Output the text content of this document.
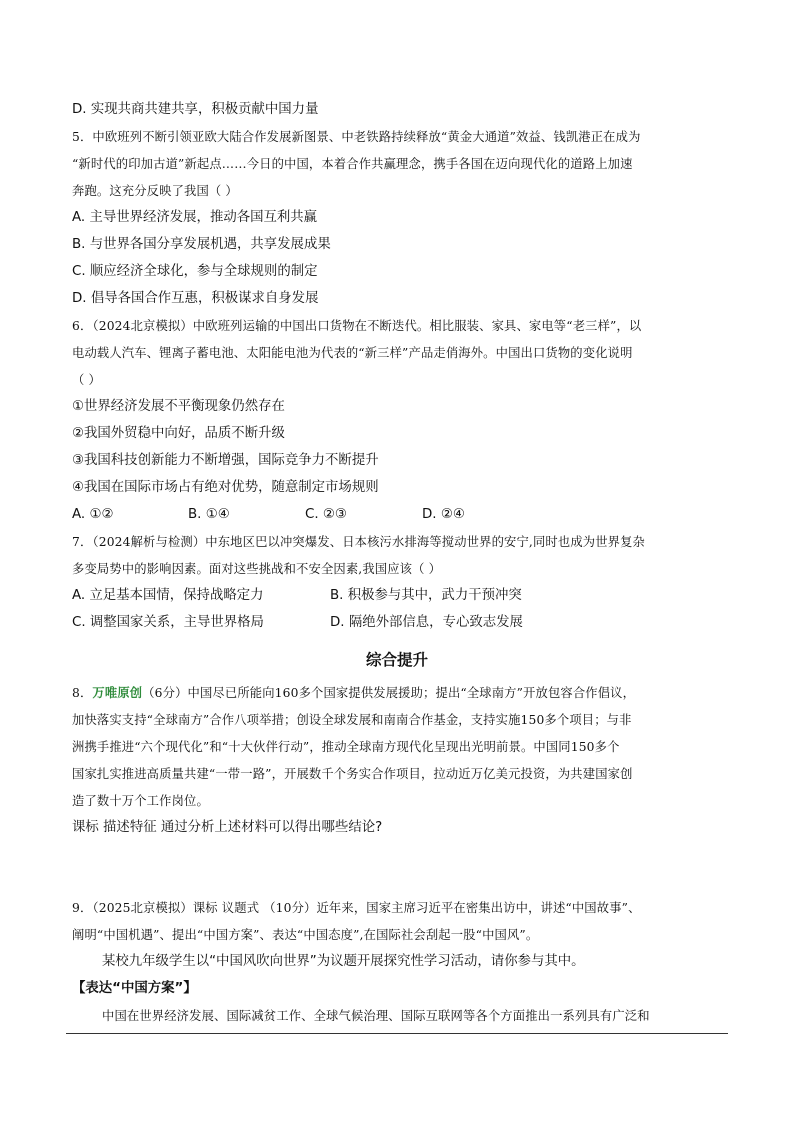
D. 实现共商共建共享，积极贡献中国力量
5．中欧班列不断引领亚欧大陆合作发展新图景、中老铁路持续释放“黄金大通道”效益、钱凯港正在成为
“新时代的印加古道”新起点……今日的中国，本着合作共赢理念，携手各国在迈向现代化的道路上加速
奔跑。这充分反映了我国（ ）
A. 主导世界经济发展，推动各国互利共赢
B. 与世界各国分享发展机遇，共享发展成果
C. 顺应经济全球化，参与全球规则的制定
D. 倡导各国合作互惠，积极谋求自身发展
6．（2024北京模拟）中欧班列运输的中国出口货物在不断迭代。相比服装、家具、家电等“老三样”，以
电动载人汽车、锂离子蓄电池、太阳能电池为代表的“新三样”产品走俏海外。中国出口货物的变化说明
（ ）
①世界经济发展不平衡现象仍然存在
②我国外贸稳中向好，品质不断升级
③我国科技创新能力不断增强，国际竞争力不断提升
④我国在国际市场占有绝对优势，随意制定市场规则
A. ①②	B. ①④	C. ②③	D. ②④
7．（2024解析与检测）中东地区巴以冲突爆发、日本核污水排海等搅动世界的安宁,同时也成为世界复杂
多变局势中的影响因素。面对这些挑战和不安全因素,我国应该（ ）
A. 立足基本国情，保持战略定力	B. 积极参与其中，武力干预冲突
C. 调整国家关系，主导世界格局	D. 隔绝外部信息，专心致志发展
综合提升
8．万唯原创（6分）中国尽已所能向160多个国家提供发展援助；提出“全球南方”开放包容合作倡议，
加快落实支持“全球南方”合作八项举措；创设全球发展和南南合作基金，支持实施150多个项目；与非
洲携手推进“六个现代化”和“十大伙伴行动”，推动全球南方现代化呈现出光明前景。中国同150多个
国家扎实推进高质量共建“一带一路”，开展数千个务实合作项目，拉动近万亿美元投资，为共建国家创
造了数十万个工作岗位。
课标 描述特征 通过分析上述材料可以得出哪些结论?
9．（2025北京模拟）课标 议题式 （10分）近年来，国家主席习近平在密集出访中，讲述“中国故事”、
阐明“中国机遇”、提出“中国方案”、表达“中国态度”,在国际社会刮起一股“中国风”。
某校九年级学生以“中国风吹向世界”为议题开展探究性学习活动，请你参与其中。
【表达“中国方案”】
中国在世界经济发展、国际减贫工作、全球气候治理、国际互联网等各个方面推出一系列具有广泛和
